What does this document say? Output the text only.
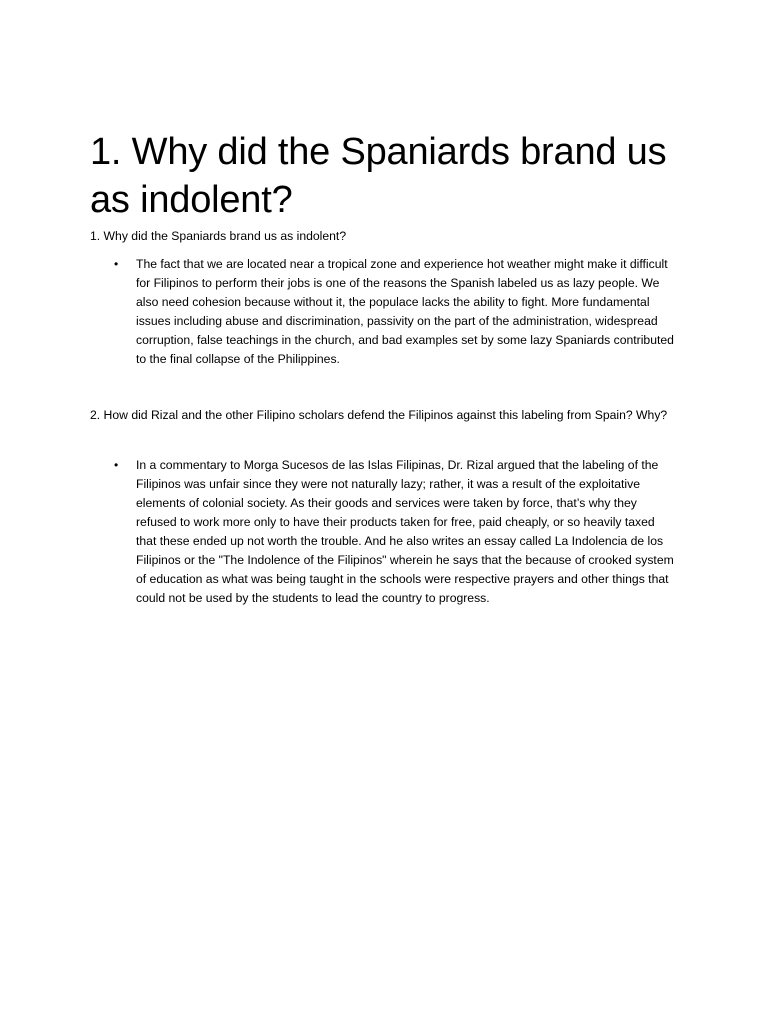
1. Why did the Spaniards brand us as indolent?

1. Why did the Spaniards brand us as indolent?

• The fact that we are located near a tropical zone and experience hot weather might make it difficult for Filipinos to perform their jobs is one of the reasons the Spanish labeled us as lazy people. We also need cohesion because without it, the populace lacks the ability to fight. More fundamental issues including abuse and discrimination, passivity on the part of the administration, widespread corruption, false teachings in the church, and bad examples set by some lazy Spaniards contributed to the final collapse of the Philippines.

2. How did Rizal and the other Filipino scholars defend the Filipinos against this labeling from Spain? Why?

• In a commentary to Morga Sucesos de las Islas Filipinas, Dr. Rizal argued that the labeling of the Filipinos was unfair since they were not naturally lazy; rather, it was a result of the exploitative elements of colonial society. As their goods and services were taken by force, that’s why they refused to work more only to have their products taken for free, paid cheaply, or so heavily taxed that these ended up not worth the trouble. And he also writes an essay called La Indolencia de los Filipinos or the "The Indolence of the Filipinos" wherein he says that the because of crooked system of education as what was being taught in the schools were respective prayers and other things that could not be used by the students to lead the country to progress.
